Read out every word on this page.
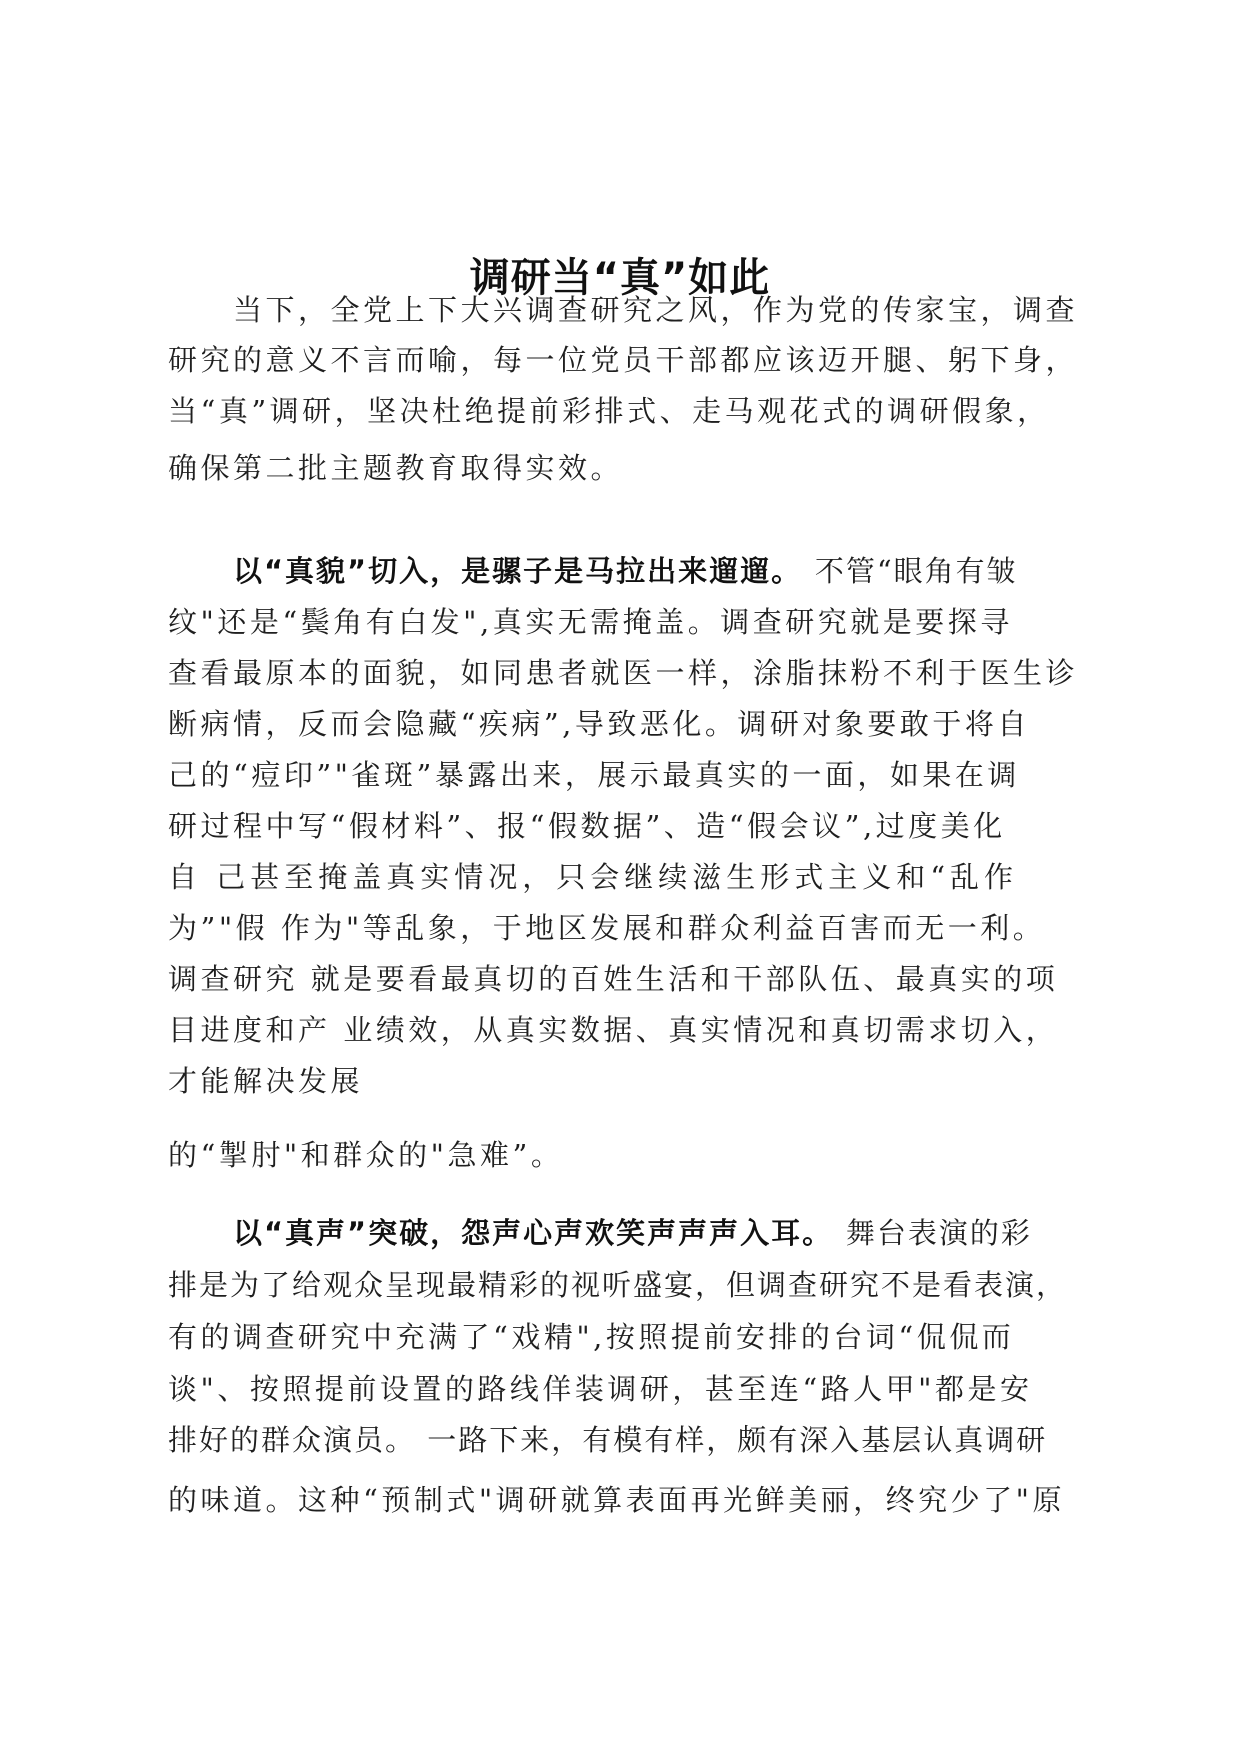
调研当“真”如此
当下，全党上下大兴调查研究之风，作为党的传家宝，调查
研究的意义不言而喻，每一位党员干部都应该迈开腿、躬下身，
当“真”调研，坚决杜绝提前彩排式、走马观花式的调研假象，
确保第二批主题教育取得实效。
以“真貌”切入，是骡子是马拉出来遛遛。 不管“眼角有皱
纹"还是“鬓角有白发",真实无需掩盖。调查研究就是要探寻
查看最原本的面貌，如同患者就医一样，涂脂抹粉不利于医生诊
断病情，反而会隐藏“疾病”,导致恶化。调研对象要敢于将自
己的“痘印”"雀斑”暴露出来，展示最真实的一面，如果在调
研过程中写“假材料”、报“假数据”、造“假会议”,过度美化
自 己甚至掩盖真实情况，只会继续滋生形式主义和“乱作
为”"假 作为"等乱象，于地区发展和群众利益百害而无一利。
调查研究 就是要看最真切的百姓生活和干部队伍、最真实的项
目进度和产 业绩效，从真实数据、真实情况和真切需求切入，
才能解决发展
的“掣肘"和群众的"急难”。
以“真声”突破，怨声心声欢笑声声声入耳。 舞台表演的彩
排是为了给观众呈现最精彩的视听盛宴，但调查研究不是看表演，
有的调查研究中充满了“戏精",按照提前安排的台词“侃侃而
谈"、按照提前设置的路线佯装调研，甚至连“路人甲"都是安
排好的群众演员。 一路下来，有模有样，颇有深入基层认真调研
的味道。这种“预制式"调研就算表面再光鲜美丽，终究少了"原
